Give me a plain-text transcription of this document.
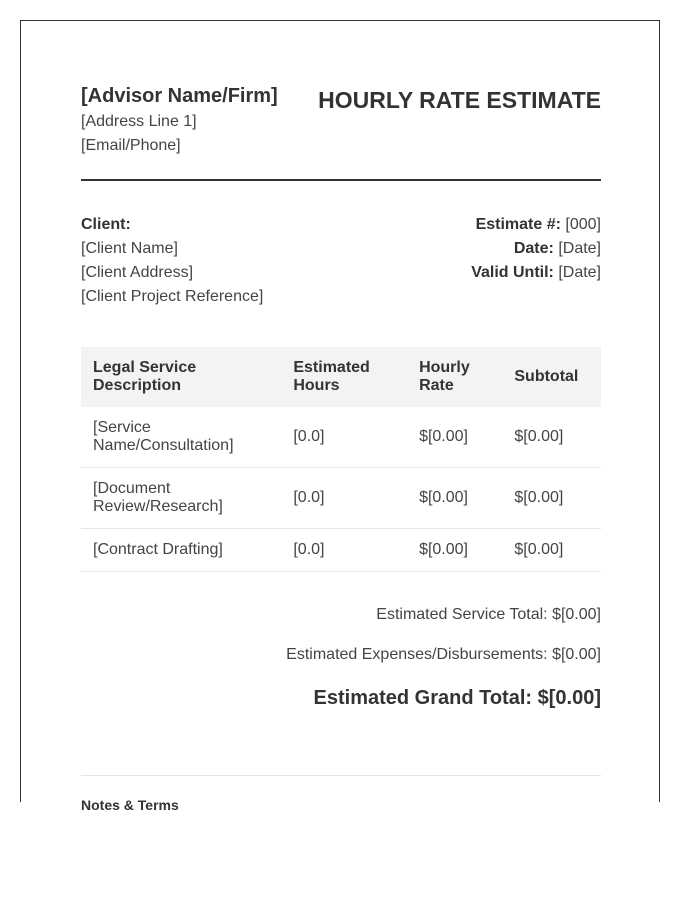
[Advisor Name/Firm] HOURLY RATE ESTIMATE
[Address Line 1]
[Email/Phone]
Client:
[Client Name]
[Client Address]
[Client Project Reference]
Estimate #: [000]
Date: [Date]
Valid Until: [Date]
Legal Service Description	Estimated Hours	Hourly Rate	Subtotal
[Service Name/Consultation]	[0.0]	$[0.00]	$[0.00]
[Document Review/Research]	[0.0]	$[0.00]	$[0.00]
[Contract Drafting]	[0.0]	$[0.00]	$[0.00]
Estimated Service Total: $[0.00]
Estimated Expenses/Disbursements: $[0.00]
Estimated Grand Total: $[0.00]
Notes & Terms
